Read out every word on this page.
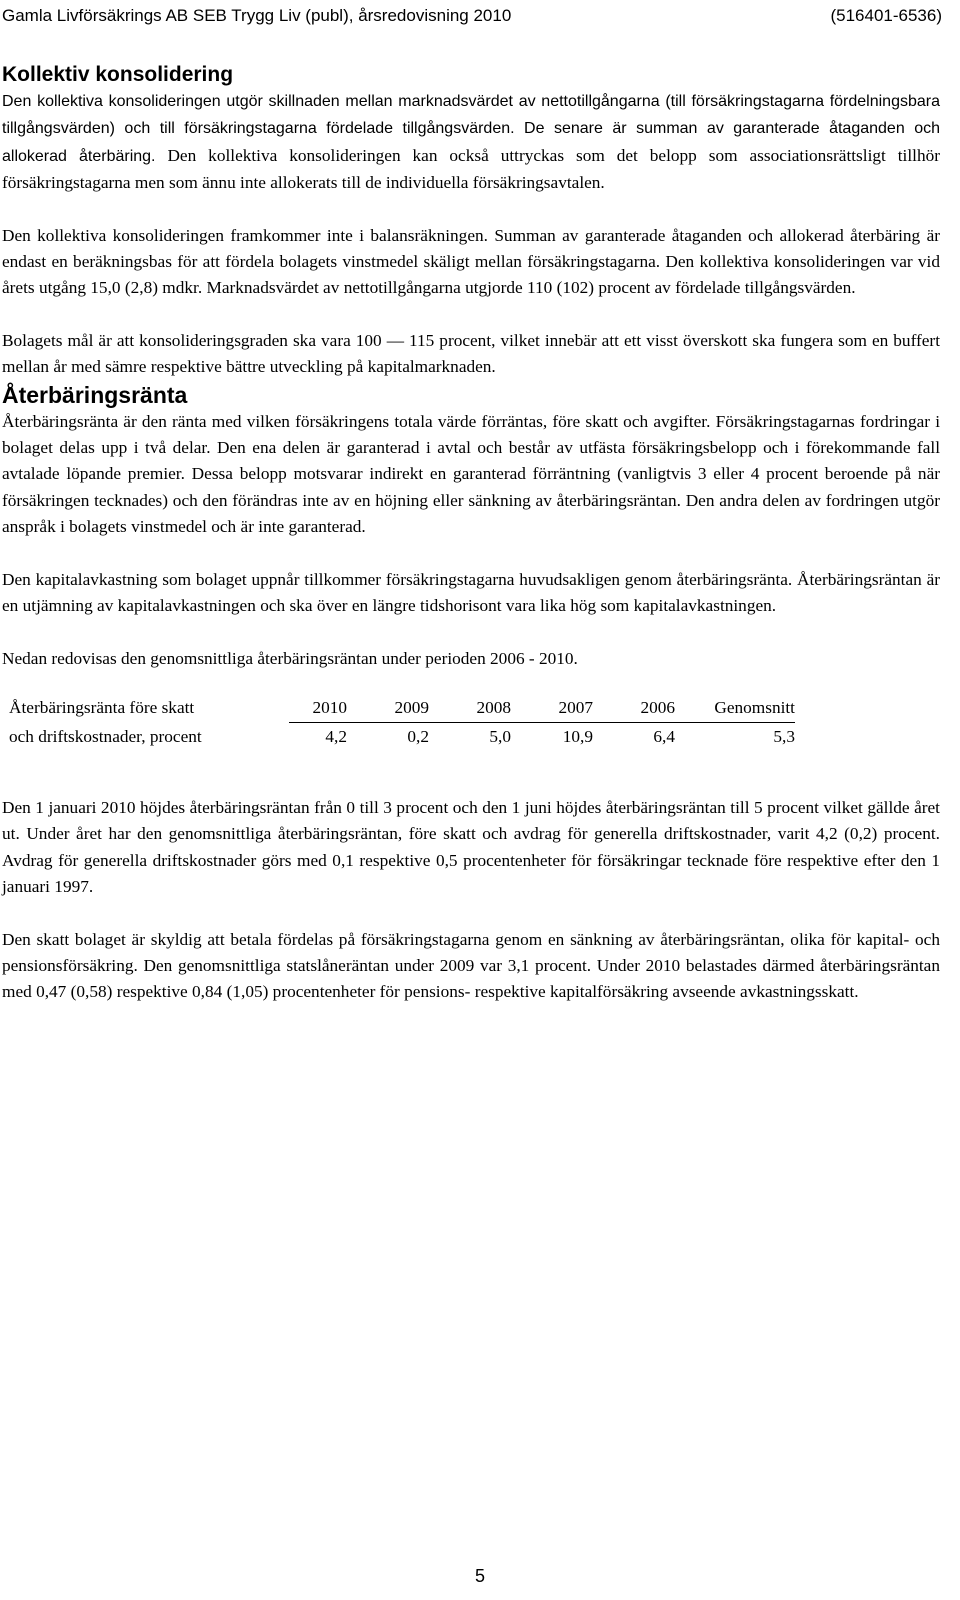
Gamla Livförsäkrings AB SEB Trygg Liv (publ), årsredovisning 2010	(516401-6536)
Kollektiv konsolidering

Den kollektiva konsolideringen utgör skillnaden mellan marknadsvärdet av nettotillgångarna (till försäkringstagarna fördelningsbara tillgångsvärden) och till försäkringstagarna fördelade tillgångsvärden. De senare är summan av garanterade åtaganden och allokerad återbäring. Den kollektiva konsolideringen kan också uttryckas som det belopp som associationsrättsligt tillhör försäkringstagarna men som ännu inte allokerats till de individuella försäkringsavtalen.

Den kollektiva konsolideringen framkommer inte i balansräkningen. Summan av garanterade åtaganden och allokerad återbäring är endast en beräkningsbas för att fördela bolagets vinstmedel skäligt mellan försäkringstagarna. Den kollektiva konsolideringen var vid årets utgång 15,0 (2,8) mdkr. Marknadsvärdet av nettotillgångarna utgjorde 110 (102) procent av fördelade tillgångsvärden.

Bolagets mål är att konsolideringsgraden ska vara 100 — 115 procent, vilket innebär att ett visst överskott ska fungera som en buffert mellan år med sämre respektive bättre utveckling på kapitalmarknaden.

Återbäringsränta

Återbäringsränta är den ränta med vilken försäkringens totala värde förräntas, före skatt och avgifter. Försäkringstagarnas fordringar i bolaget delas upp i två delar. Den ena delen är garanterad i avtal och består av utfästa försäkringsbelopp och i förekommande fall avtalade löpande premier. Dessa belopp motsvarar indirekt en garanterad förräntning (vanligtvis 3 eller 4 procent beroende på när försäkringen tecknades) och den förändras inte av en höjning eller sänkning av återbäringsräntan. Den andra delen av fordringen utgör anspråk i bolagets vinstmedel och är inte garanterad.

Den kapitalavkastning som bolaget uppnår tillkommer försäkringstagarna huvudsakligen genom återbäringsränta. Återbäringsräntan är en utjämning av kapitalavkastningen och ska över en längre tidshorisont vara lika hög som kapitalavkastningen.

Nedan redovisas den genomsnittliga återbäringsräntan under perioden 2006 - 2010.

Återbäringsränta före skatt	2010	2009	2008	2007	2006	Genomsnitt
och driftskostnader, procent	4,2	0,2	5,0	10,9	6,4	5,3

Den 1 januari 2010 höjdes återbäringsräntan från 0 till 3 procent och den 1 juni höjdes återbäringsräntan till 5 procent vilket gällde året ut. Under året har den genomsnittliga återbäringsräntan, före skatt och avdrag för generella driftskostnader, varit 4,2 (0,2) procent. Avdrag för generella driftskostnader görs med 0,1 respektive 0,5 procentenheter för försäkringar tecknade före respektive efter den 1 januari 1997.

Den skatt bolaget är skyldig att betala fördelas på försäkringstagarna genom en sänkning av återbäringsräntan, olika för kapital- och pensionsförsäkring. Den genomsnittliga statslåneräntan under 2009 var 3,1 procent. Under 2010 belastades därmed återbäringsräntan med 0,47 (0,58) respektive 0,84 (1,05) procentenheter för pensions- respektive kapitalförsäkring avseende avkastningsskatt.

5
